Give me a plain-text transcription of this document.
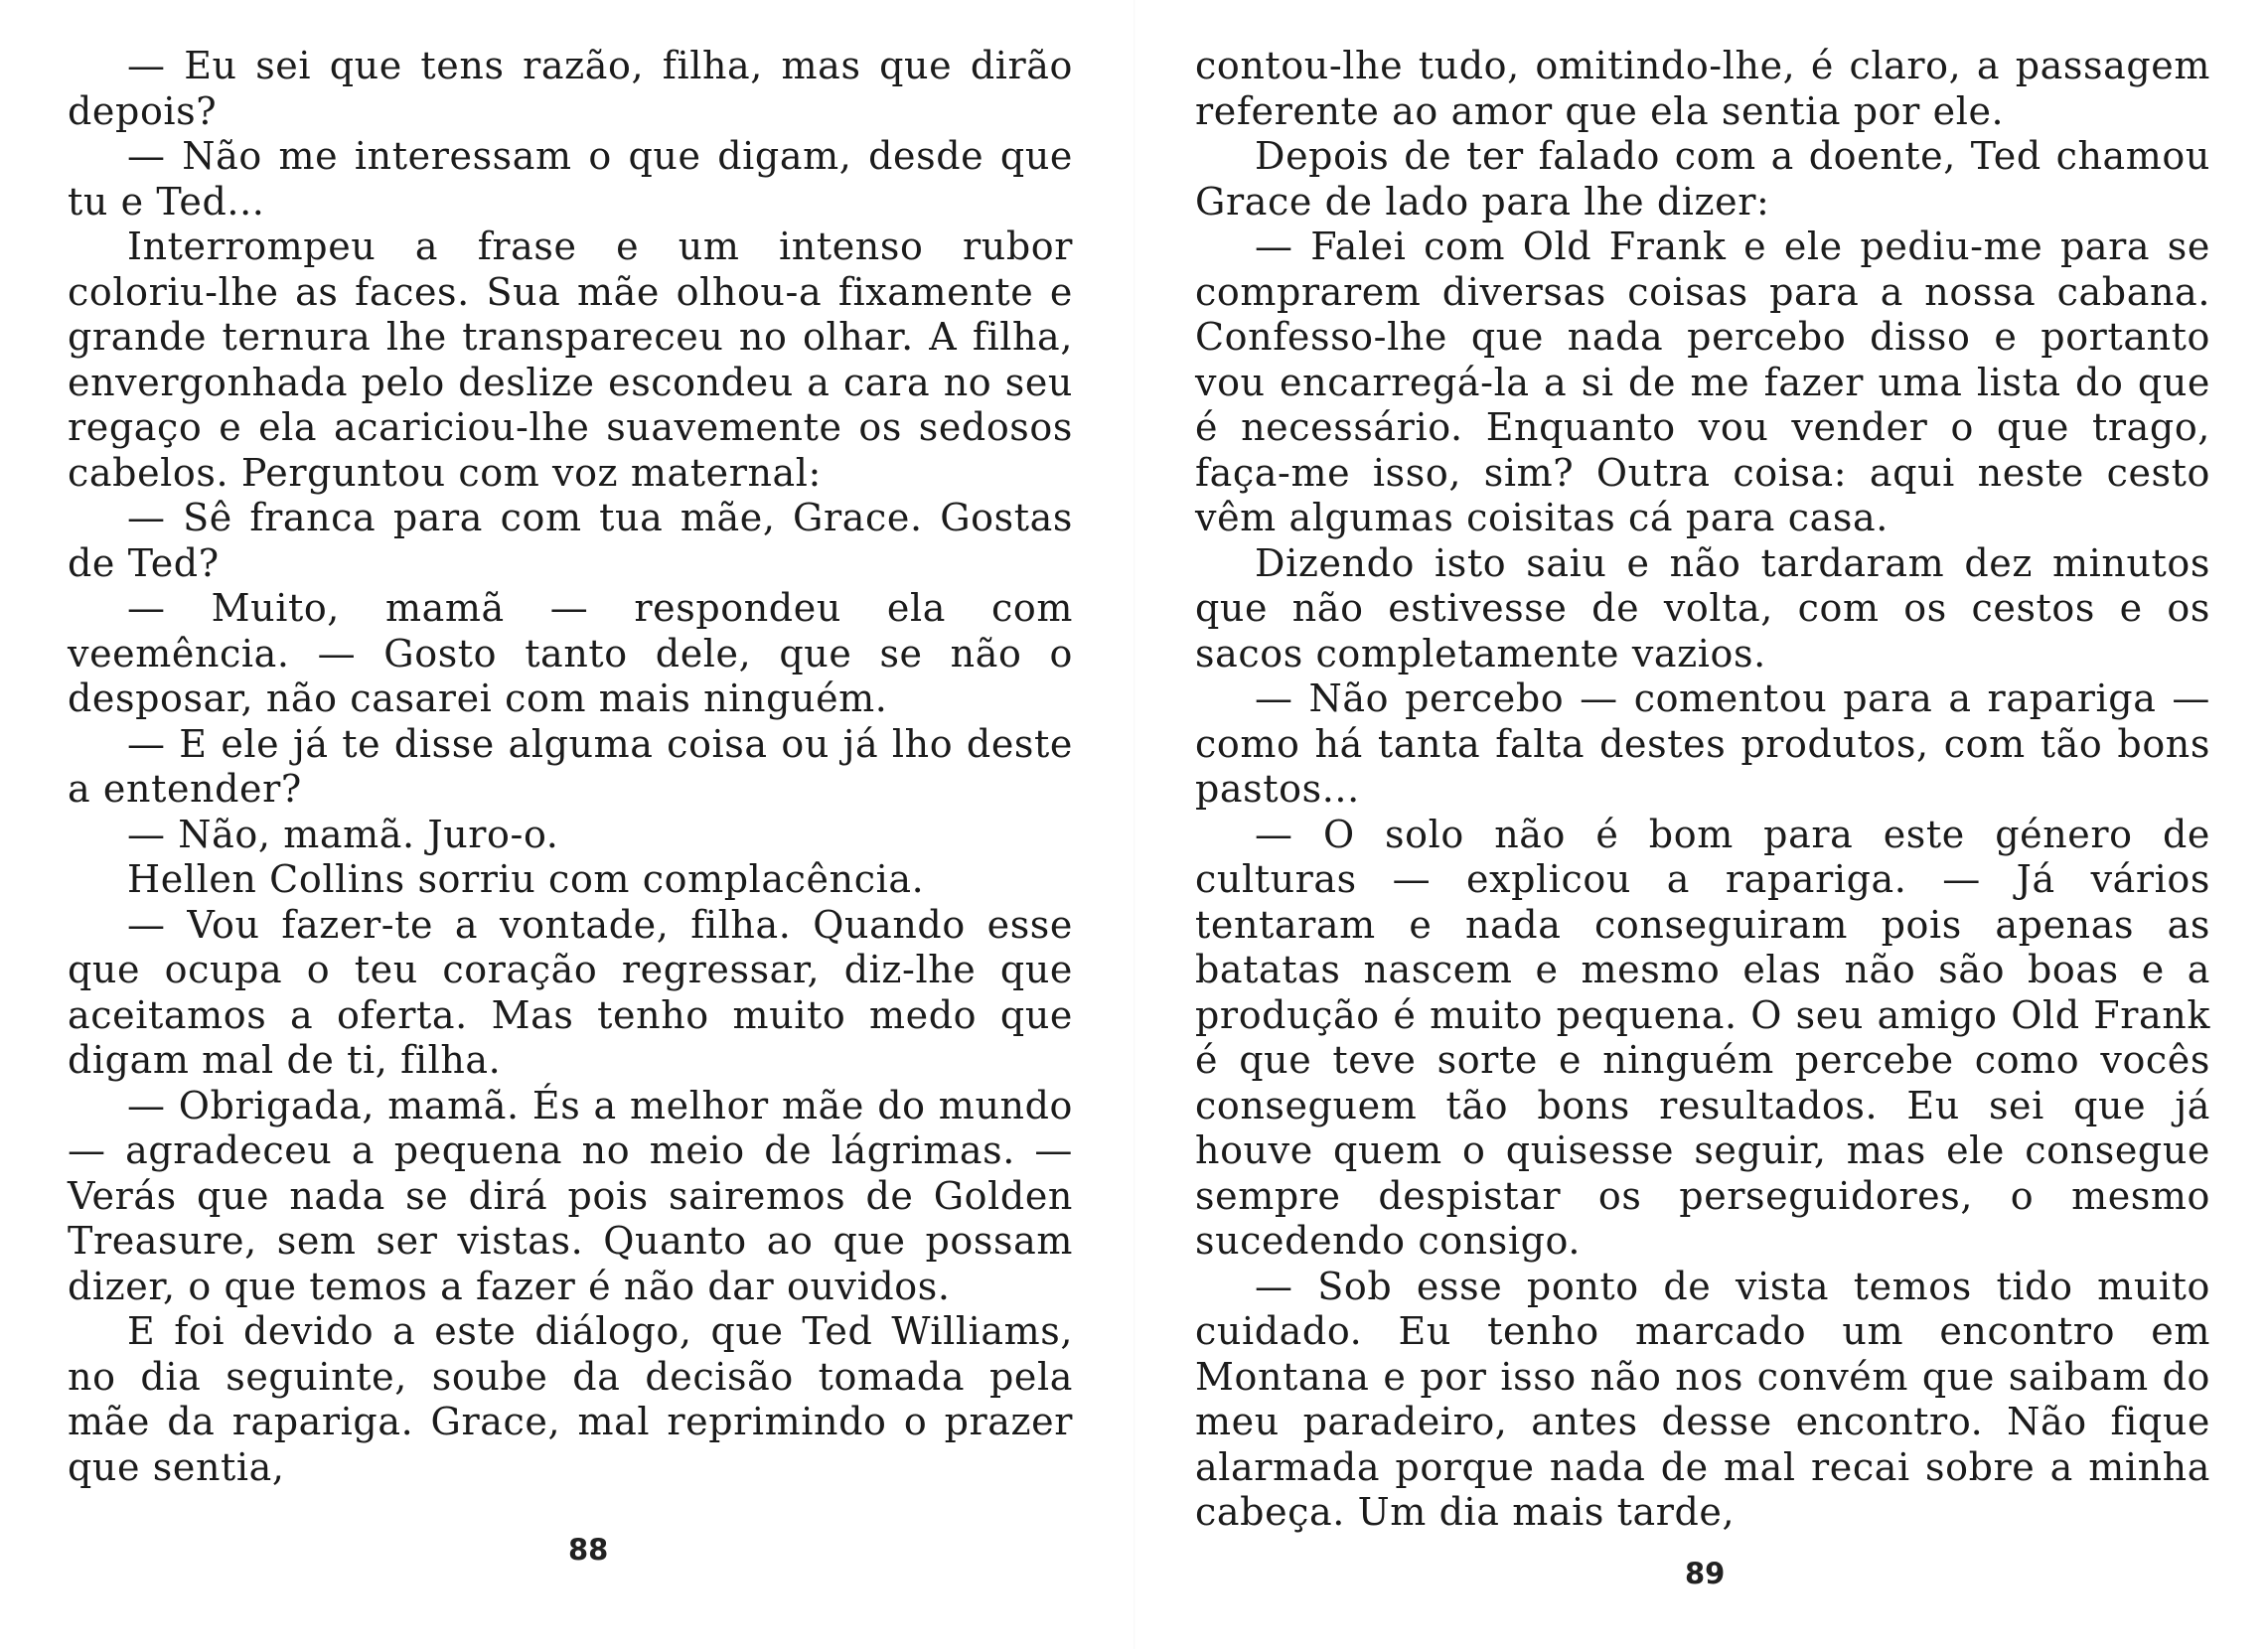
— Eu sei que tens razão, filha, mas que dirão depois?

— Não me interessam o que digam, desde que tu e Ted...

Interrompeu a frase e um intenso rubor coloriu-lhe as faces. Sua mãe olhou-a fixamente e grande ternura lhe transpareceu no olhar. A filha, envergonhada pelo deslize escondeu a cara no seu regaço e ela acariciou-lhe suavemente os sedosos cabelos. Perguntou com voz maternal:

— Sê franca para com tua mãe, Grace. Gostas de Ted?

— Muito, mamã — respondeu ela com veemência. — Gosto tanto dele, que se não o desposar, não casarei com mais ninguém.

— E ele já te disse alguma coisa ou já lho deste a entender?

— Não, mamã. Juro-o.

Hellen Collins sorriu com complacência.

— Vou fazer-te a vontade, filha. Quando esse que ocupa o teu coração regressar, diz-lhe que aceitamos a oferta. Mas tenho muito medo que digam mal de ti, filha.

— Obrigada, mamã. És a melhor mãe do mundo — agradeceu a pequena no meio de lágrimas. — Verás que nada se dirá pois sairemos de Golden Treasure, sem ser vistas. Quanto ao que possam dizer, o que temos a fazer é não dar ouvidos.

E foi devido a este diálogo, que Ted Williams, no dia seguinte, soube da decisão tomada pela mãe da rapariga. Grace, mal reprimindo o prazer que sentia,

88

contou-lhe tudo, omitindo-lhe, é claro, a passagem referente ao amor que ela sentia por ele.

Depois de ter falado com a doente, Ted chamou Grace de lado para lhe dizer:

— Falei com Old Frank e ele pediu-me para se comprarem diversas coisas para a nossa cabana. Confesso-lhe que nada percebo disso e portanto vou encarregá-la a si de me fazer uma lista do que é necessário. Enquanto vou vender o que trago, faça-me isso, sim? Outra coisa: aqui neste cesto vêm algumas coisitas cá para casa.

Dizendo isto saiu e não tardaram dez minutos que não estivesse de volta, com os cestos e os sacos completamente vazios.

— Não percebo — comentou para a rapariga — como há tanta falta destes produtos, com tão bons pastos...

— O solo não é bom para este género de culturas — explicou a rapariga. — Já vários tentaram e nada conseguiram pois apenas as batatas nascem e mesmo elas não são boas e a produção é muito pequena. O seu amigo Old Frank é que teve sorte e ninguém percebe como vocês conseguem tão bons resultados. Eu sei que já houve quem o quisesse seguir, mas ele consegue sempre despistar os perseguidores, o mesmo sucedendo consigo.

— Sob esse ponto de vista temos tido muito cuidado. Eu tenho marcado um encontro em Montana e por isso não nos convém que saibam do meu paradeiro, antes desse encontro. Não fique alarmada porque nada de mal recai sobre a minha cabeça. Um dia mais tarde,

89
